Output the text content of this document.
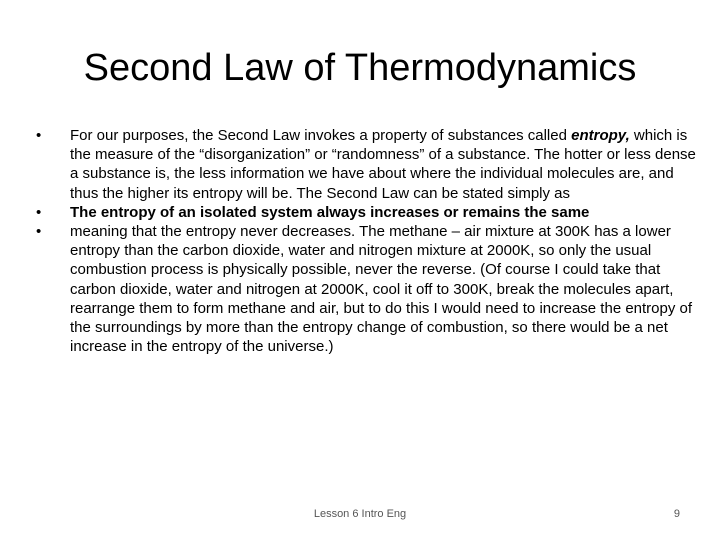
Second Law of Thermodynamics
•	For our purposes, the Second Law invokes a property of substances called entropy, which is the measure of the “disorganization” or “randomness” of a substance. The hotter or less dense a substance is, the less information we have about where the individual molecules are, and thus the higher its entropy will be. The Second Law can be stated simply as
•	The entropy of an isolated system always increases or remains the same
•	meaning that the entropy never decreases. The methane – air mixture at 300K has a lower entropy than the carbon dioxide, water and nitrogen mixture at 2000K, so only the usual combustion process is physically possible, never the reverse. (Of course I could take that carbon dioxide, water and nitrogen at 2000K, cool it off to 300K, break the molecules apart, rearrange them to form methane and air, but to do this I would need to increase the entropy of the surroundings by more than the entropy change of combustion, so there would be a net increase in the entropy of the universe.)
Lesson 6 Intro Eng	9
